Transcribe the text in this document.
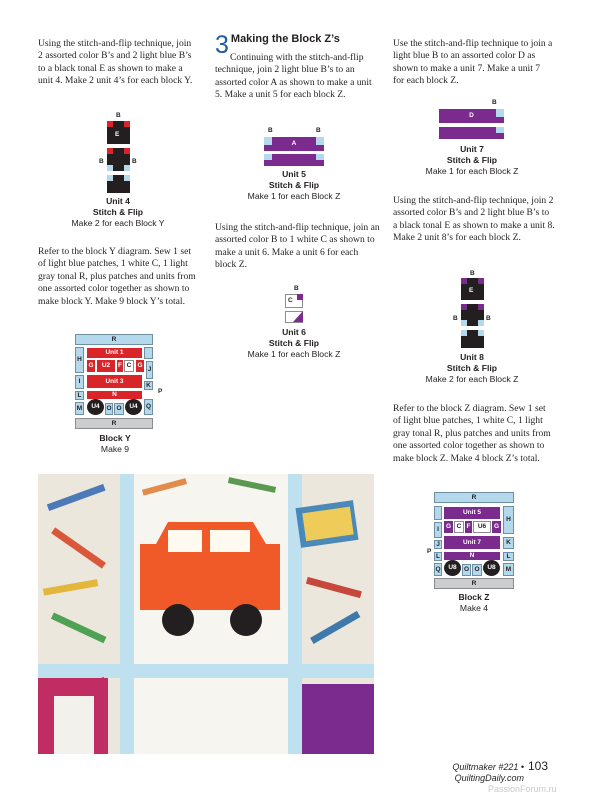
Using the stitch-and-flip technique, join 2 assorted color B’s and 2 light blue B’s to a black tonal E as shown to make a unit 4. Make 2 unit 4’s for each block Y.
B
E
B	B
Unit 4
Stitch & Flip
Make 2 for each Block Y
Refer to the block Y diagram. Sew 1 set of light blue patches, 1 white C, 1 light gray tonal R, plus patches and units from one assorted color together as shown to make block Y. Make 9 block Y’s total.
R
H
Unit 1
G	U2	F C G
J
I	Unit 3
K
P
L	N
M	U4	O O	U4	Q
R
Block Y
Make 9
3 Making the Block Z’s
Continuing with the stitch-and-flip technique, join 2 light blue B’s to an assorted color A as shown to make a unit 5. Make a unit 5 for each block Z.
B	B
A
Unit 5
Stitch & Flip
Make 1 for each Block Z
Using the stitch-and-flip technique, join an assorted color B to 1 white C as shown to make a unit 6. Make a unit 6 for each block Z.
B
C
Unit 6
Stitch & Flip
Make 1 for each Block Z
Use the stitch-and-flip technique to join a light blue B to an assorted color D as shown to make a unit 7. Make a unit 7 for each block Z.
B
D
Unit 7
Stitch & Flip
Make 1 for each Block Z
Using the stitch-and-flip technique, join 2 assorted color B’s and 2 light blue B’s to a black tonal E as shown to make a unit 8. Make 2 unit 8’s for each block Z.
B
E
B	B
Unit 8
Stitch & Flip
Make 2 for each Block Z
Refer to the block Z diagram. Sew 1 set of light blue patches, 1 white C, 1 light gray tonal R, plus patches and units from one assorted color together as shown to make block Z. Make 4 block Z’s total.
R
Unit 5
H
I	G C F	U6	G
Unit 7	K
J
P
L	N	L
Q	U8	O O	U8	M
R
Block Z
Make 4
Quiltmaker #221 • QuiltingDaily.com
103
PassionForum.ru
